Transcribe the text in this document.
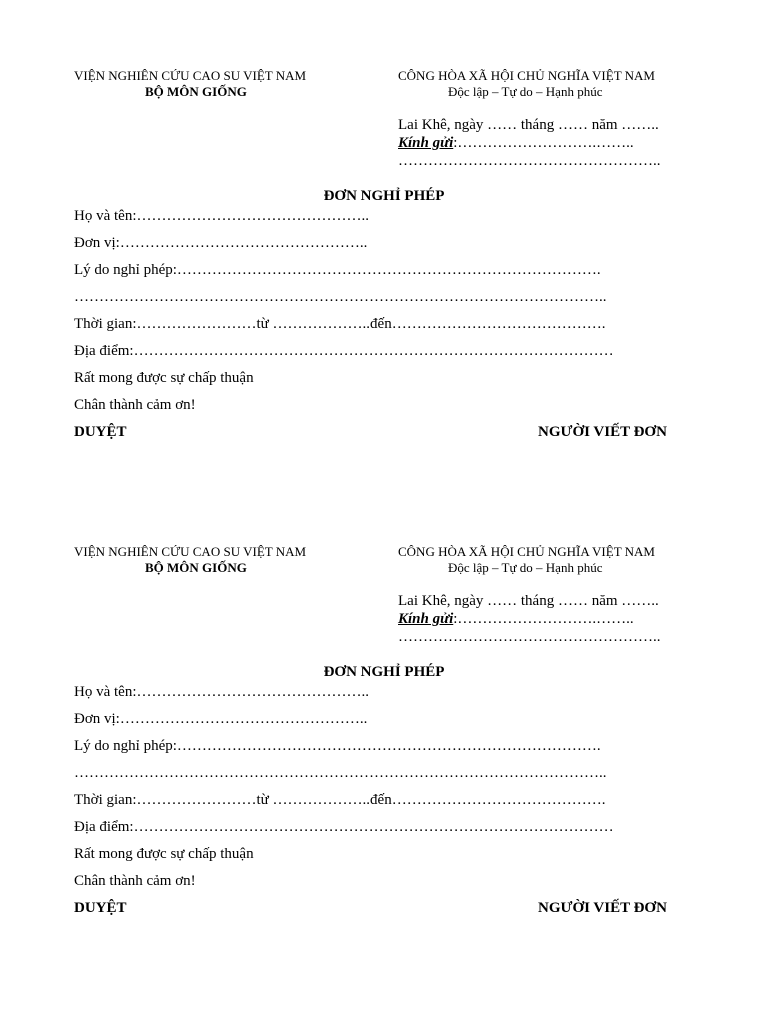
VIỆN NGHIÊN CỨU CAO SU VIỆT NAM
BỘ MÔN GIỐNG
CÔNG HÒA XÃ HỘI CHỦ NGHĨA VIỆT NAM
Độc lập – Tự do – Hạnh phúc
Lai Khê, ngày …… tháng …… năm ……..
Kính gửi:……………………….……..
……………………………………………..
ĐƠN NGHỈ PHÉP
Họ và tên:………………………………………..
Đơn vị:…………………………………………..
Lý do nghỉ phép:………………………………………………………………………….
……………………………………………………………………………………………..
Thời gian:……………………từ ………………..đến…………………………………….
Địa điểm:……………………………………………………………………………………
Rất mong được sự chấp thuận
Chân thành cảm ơn!
DUYỆT	NGƯỜI VIẾT ĐƠN
VIỆN NGHIÊN CỨU CAO SU VIỆT NAM
BỘ MÔN GIỐNG
CÔNG HÒA XÃ HỘI CHỦ NGHĨA VIỆT NAM
Độc lập – Tự do – Hạnh phúc
Lai Khê, ngày …… tháng …… năm ……..
Kính gửi:……………………….……..
……………………………………………..
ĐƠN NGHỈ PHÉP
Họ và tên:………………………………………..
Đơn vị:…………………………………………..
Lý do nghỉ phép:………………………………………………………………………….
……………………………………………………………………………………………..
Thời gian:……………………từ ………………..đến…………………………………….
Địa điểm:……………………………………………………………………………………
Rất mong được sự chấp thuận
Chân thành cảm ơn!
DUYỆT	NGƯỜI VIẾT ĐƠN
